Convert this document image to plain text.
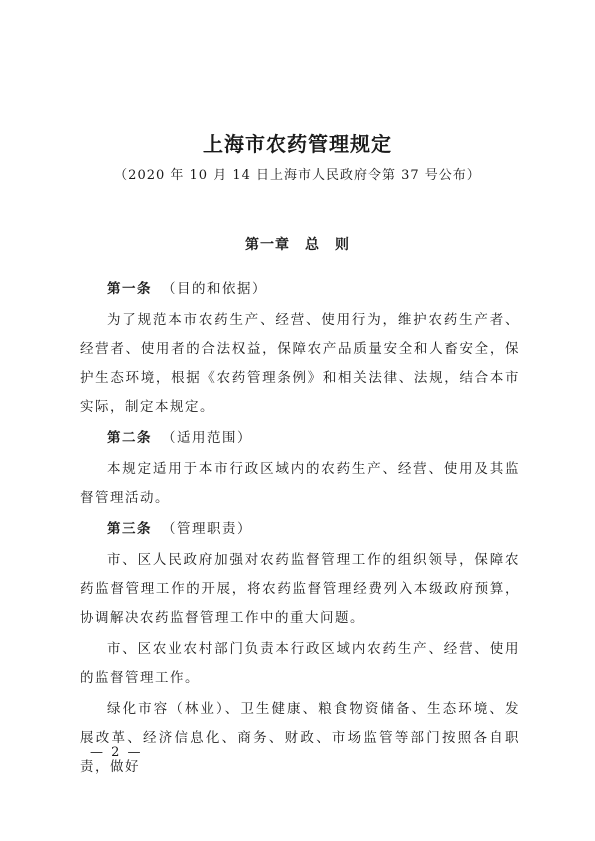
上海市农药管理规定
（2020 年 10 月 14 日上海市人民政府令第 37 号公布）
第一章　总　则
第一条 （目的和依据）

为了规范本市农药生产、经营、使用行为，维护农药生产者、经营者、使用者的合法权益，保障农产品质量安全和人畜安全，保护生态环境，根据《农药管理条例》和相关法律、法规，结合本市实际，制定本规定。

第二条 （适用范围）

本规定适用于本市行政区域内的农药生产、经营、使用及其监督管理活动。

第三条 （管理职责）

市、区人民政府加强对农药监督管理工作的组织领导，保障农药监督管理工作的开展，将农药监督管理经费列入本级政府预算，协调解决农药监督管理工作中的重大问题。

市、区农业农村部门负责本行政区域内农药生产、经营、使用的监督管理工作。

绿化市容（林业）、卫生健康、粮食物资储备、生态环境、发展改革、经济信息化、商务、财政、市场监管等部门按照各自职责，做好

— 2 —
